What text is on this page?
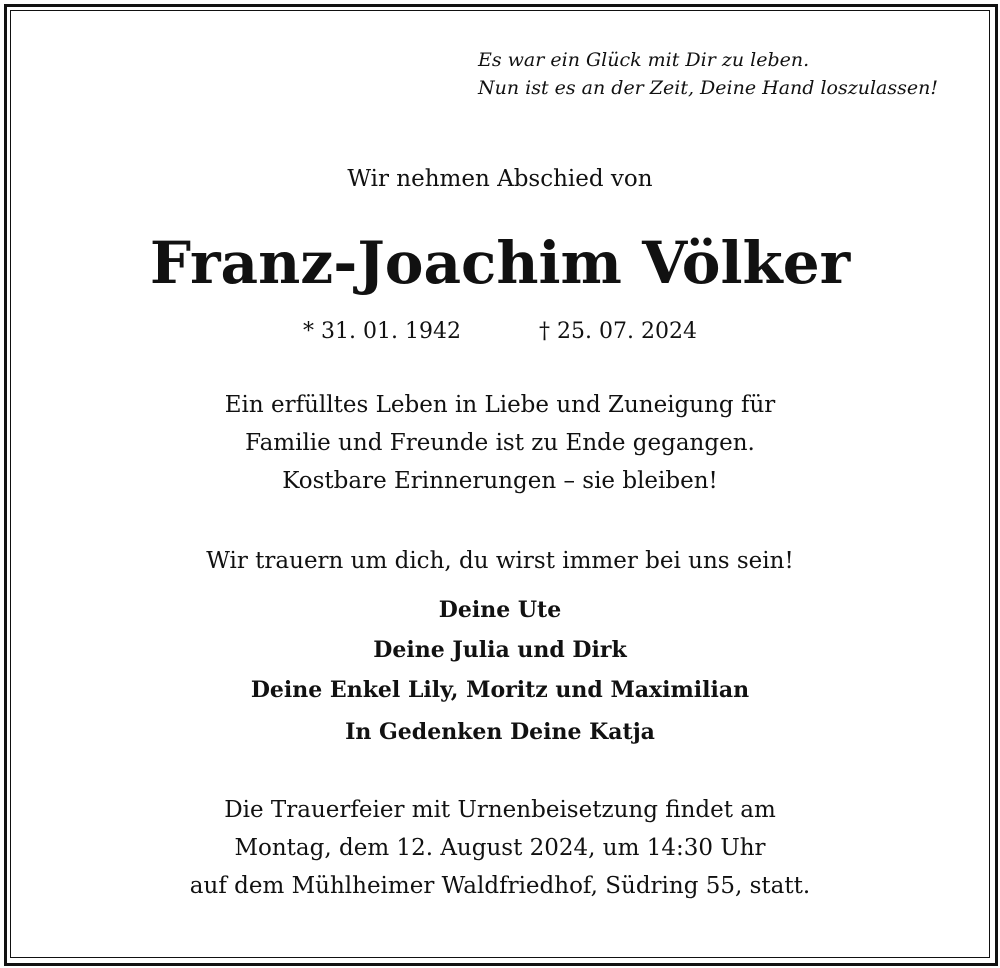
Es war ein Glück mit Dir zu leben.
Nun ist es an der Zeit, Deine Hand loszulassen!
Wir nehmen Abschied von
Franz-Joachim Völker
* 31. 01. 1942	† 25. 07. 2024
Ein erfülltes Leben in Liebe und Zuneigung für
Familie und Freunde ist zu Ende gegangen.
Kostbare Erinnerungen – sie bleiben!
Wir trauern um dich, du wirst immer bei uns sein!
Deine Ute
Deine Julia und Dirk
Deine Enkel Lily, Moritz und Maximilian
In Gedenken Deine Katja
Die Trauerfeier mit Urnenbeisetzung findet am
Montag, dem 12. August 2024, um 14:30 Uhr
auf dem Mühlheimer Waldfriedhof, Südring 55, statt.
